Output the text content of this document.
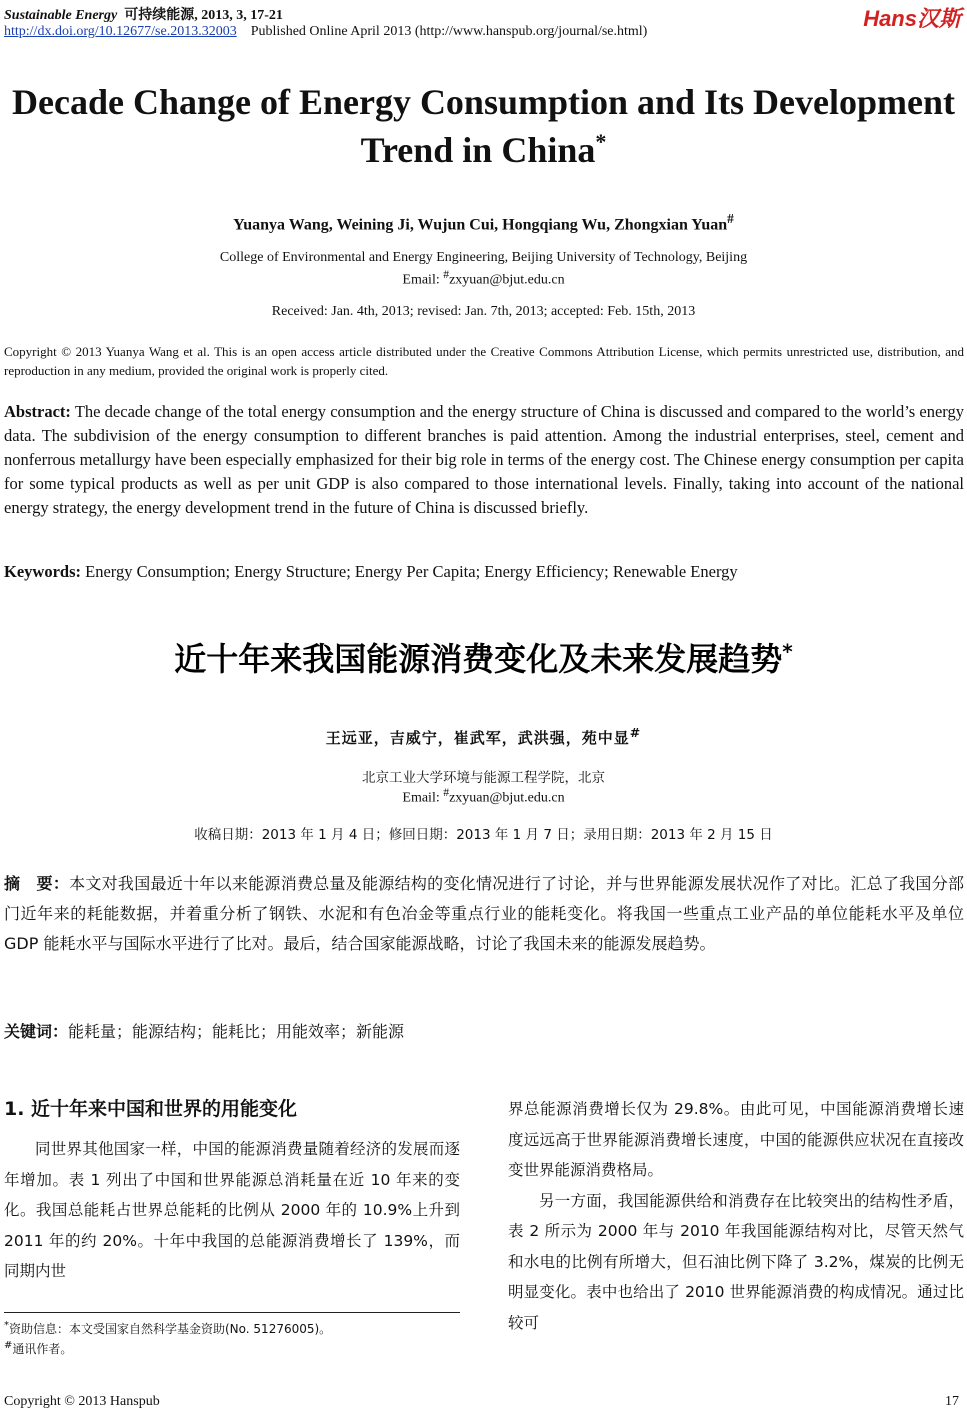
Sustainable Energy 可持续能源, 2013, 3, 17-21
http://dx.doi.org/10.12677/se.2013.32003 Published Online April 2013 (http://www.hanspub.org/journal/se.html)
Hans汉斯
Decade Change of Energy Consumption and Its Development Trend in China*
Yuanya Wang, Weining Ji, Wujun Cui, Hongqiang Wu, Zhongxian Yuan#
College of Environmental and Energy Engineering, Beijing University of Technology, Beijing
Email: #zxyuan@bjut.edu.cn
Received: Jan. 4th, 2013; revised: Jan. 7th, 2013; accepted: Feb. 15th, 2013
Copyright © 2013 Yuanya Wang et al. This is an open access article distributed under the Creative Commons Attribution License, which permits unrestricted use, distribution, and reproduction in any medium, provided the original work is properly cited.
Abstract: The decade change of the total energy consumption and the energy structure of China is discussed and compared to the world’s energy data. The subdivision of the energy consumption to different branches is paid attention. Among the industrial enterprises, steel, cement and nonferrous metallurgy have been especially emphasized for their big role in terms of the energy cost. The Chinese energy consumption per capita for some typical products as well as per unit GDP is also compared to those international levels. Finally, taking into account of the national energy strategy, the energy development trend in the future of China is discussed briefly.
Keywords: Energy Consumption; Energy Structure; Energy Per Capita; Energy Efficiency; Renewable Energy
近十年来我国能源消费变化及未来发展趋势*
王远亚，吉威宁，崔武军，武洪强，苑中显#
北京工业大学环境与能源工程学院，北京
Email: #zxyuan@bjut.edu.cn
收稿日期：2013 年 1 月 4 日；修回日期：2013 年 1 月 7 日；录用日期：2013 年 2 月 15 日
摘　要：本文对我国最近十年以来能源消费总量及能源结构的变化情况进行了讨论，并与世界能源发展状况作了对比。汇总了我国分部门近年来的耗能数据，并着重分析了钢铁、水泥和有色冶金等重点行业的能耗变化。将我国一些重点工业产品的单位能耗水平及单位 GDP 能耗水平与国际水平进行了比对。最后，结合国家能源战略，讨论了我国未来的能源发展趋势。
关键词：能耗量；能源结构；能耗比；用能效率；新能源
1. 近十年来中国和世界的用能变化
同世界其他国家一样，中国的能源消费量随着经济的发展而逐年增加。表 1 列出了中国和世界能源总消耗量在近 10 年来的变化。我国总能耗占世界总能耗的比例从 2000 年的 10.9%上升到 2011 年的约 20%。十年中我国的总能源消费增长了 139%，而同期内世

界总能源消费增长仅为 29.8%。由此可见，中国能源消费增长速度远远高于世界能源消费增长速度，中国的能源供应状况在直接改变世界能源消费格局。

另一方面，我国能源供给和消费存在比较突出的结构性矛盾，表 2 所示为 2000 年与 2010 年我国能源结构对比，尽管天然气和水电的比例有所增大，但石油比例下降了 3.2%，煤炭的比例无明显变化。表中也给出了 2010 世界能源消费的构成情况。通过比较可

*资助信息：本文受国家自然科学基金资助(No. 51276005)。
#通讯作者。
Copyright © 2013 Hanspub	17
